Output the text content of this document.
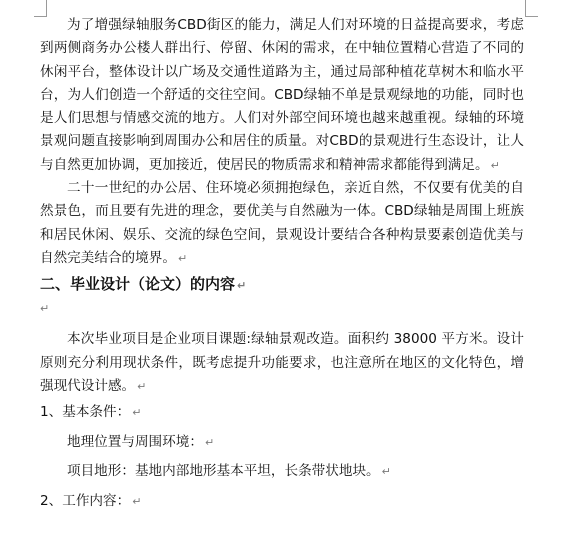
为了增强绿轴服务CBD街区的能力，满足人们对环境的日益提高要求，考虑到两侧商务办公楼人群出行、停留、休闲的需求，在中轴位置精心营造了不同的休闲平台，整体设计以广场及交通性道路为主，通过局部种植花草树木和临水平台，为人们创造一个舒适的交往空间。CBD绿轴不单是景观绿地的功能，同时也是人们思想与情感交流的地方。人们对外部空间环境也越来越重视。绿轴的环境景观问题直接影响到周围办公和居住的质量。对CBD的景观进行生态设计，让人与自然更加协调，更加接近，使居民的物质需求和精神需求都能得到满足。 ↵

二十一世纪的办公居、住环境必须拥抱绿色，亲近自然，不仅要有优美的自然景色，而且要有先进的理念，要优美与自然融为一体。CBD绿轴是周围上班族和居民休闲、娱乐、交流的绿色空间，景观设计要结合各种构景要素创造优美与自然完美结合的境界。 ↵

二、毕业设计（论文）的内容 ↵

↵

本次毕业项目是企业项目课题:绿轴景观改造。面积约 38000 平方米。设计原则充分利用现状条件，既考虑提升功能要求，也注意所在地区的文化特色，增强现代设计感。 ↵

1、基本条件： ↵

地理位置与周围环境： ↵

项目地形：基地内部地形基本平坦，长条带状地块。 ↵

2、工作内容： ↵
